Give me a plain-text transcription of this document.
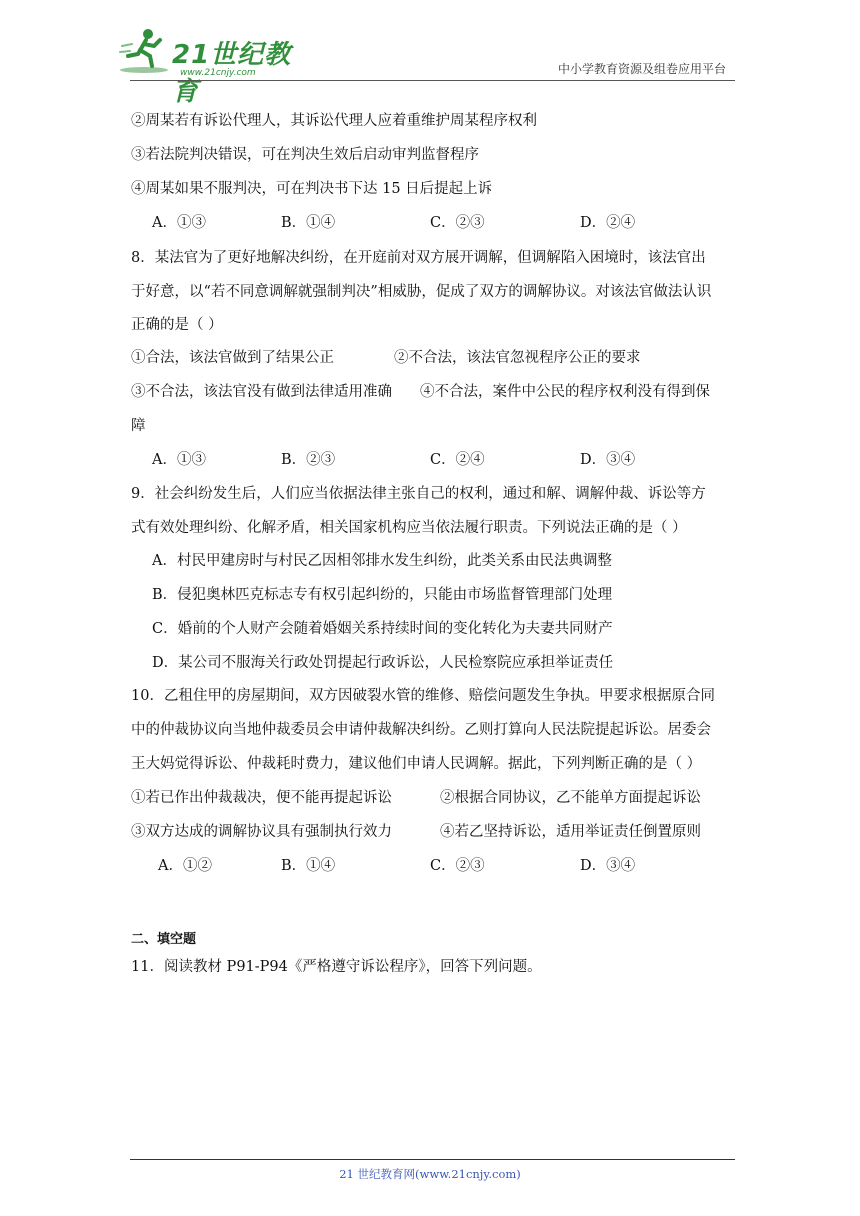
21世纪教育
www.21cnjy.com	中小学教育资源及组卷应用平台
②周某若有诉讼代理人，其诉讼代理人应着重维护周某程序权利
③若法院判决错误，可在判决生效后启动审判监督程序
④周某如果不服判决，可在判决书下达 15 日后提起上诉
A．①③	B．①④	C．②③	D．②④
8．某法官为了更好地解决纠纷，在开庭前对双方展开调解，但调解陷入困境时，该法官出
于好意，以“若不同意调解就强制判决”相威胁，促成了双方的调解协议。对该法官做法认识
正确的是（ ）
①合法，该法官做到了结果公正	②不合法，该法官忽视程序公正的要求
③不合法，该法官没有做到法律适用准确 ④不合法，案件中公民的程序权利没有得到保
障
A．①③	B．②③	C．②④	D．③④
9．社会纠纷发生后，人们应当依据法律主张自己的权利，通过和解、调解仲裁、诉讼等方
式有效处理纠纷、化解矛盾，相关国家机构应当依法履行职责。下列说法正确的是（ ）
A．村民甲建房时与村民乙因相邻排水发生纠纷，此类关系由民法典调整
B．侵犯奥林匹克标志专有权引起纠纷的，只能由市场监督管理部门处理
C．婚前的个人财产会随着婚姻关系持续时间的变化转化为夫妻共同财产
D．某公司不服海关行政处罚提起行政诉讼，人民检察院应承担举证责任
10．乙租住甲的房屋期间，双方因破裂水管的维修、赔偿问题发生争执。甲要求根据原合同
中的仲裁协议向当地仲裁委员会申请仲裁解决纠纷。乙则打算向人民法院提起诉讼。居委会
王大妈觉得诉讼、仲裁耗时费力，建议他们申请人民调解。据此，下列判断正确的是（ ）
①若已作出仲裁裁决，便不能再提起诉讼	②根据合同协议，乙不能单方面提起诉讼
③双方达成的调解协议具有强制执行效力	④若乙坚持诉讼，适用举证责任倒置原则
A．①②	B．①④	C．②③	D．③④
二、填空题
11．阅读教材 P91-P94《严格遵守诉讼程序》，回答下列问题。
21 世纪教育网(www.21cnjy.com)
